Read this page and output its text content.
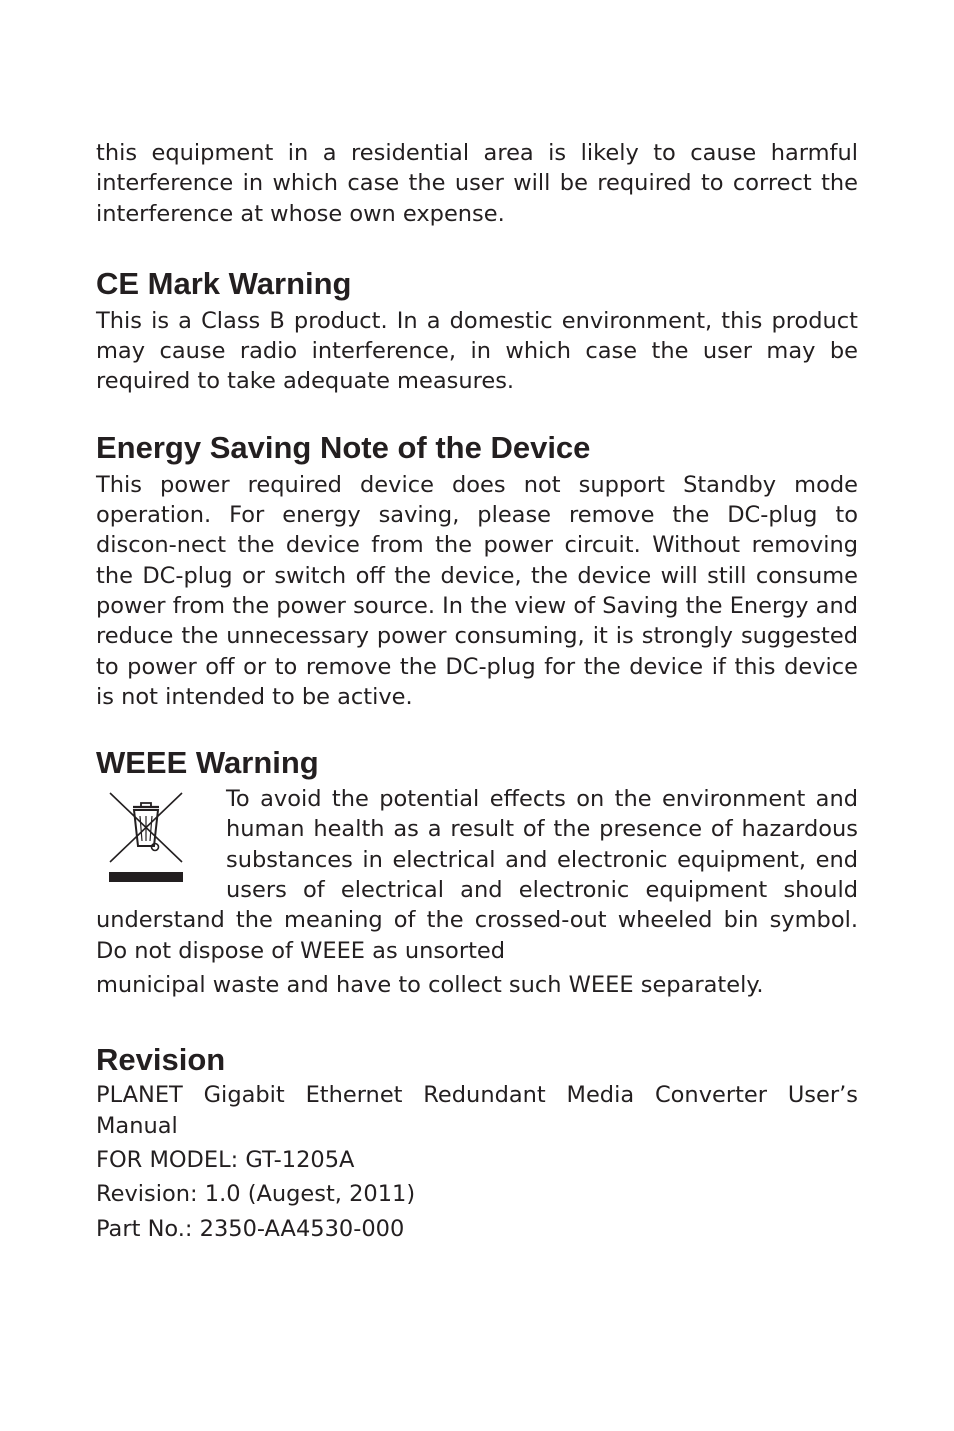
this equipment in a residential area is likely to cause harmful interference in which case the user will be required to correct the interference at whose own expense.

CE Mark Warning

This is a Class B product. In a domestic environment, this product may cause radio interference, in which case the user may be required to take adequate measures.

Energy Saving Note of the Device

This power required device does not support Standby mode operation. For energy saving, please remove the DC-plug to discon-nect the device from the power circuit. Without removing the DC-plug or switch off the device, the device will still consume power from the power source. In the view of Saving the Energy and reduce the unnecessary power consuming, it is strongly suggested to power off or to remove the DC-plug for the device if this device is not intended to be active.

WEEE Warning

To avoid the potential effects on the environment and human health as a result of the presence of hazardous substances in electrical and electronic equipment, end users of electrical and electronic equipment should understand the meaning of the crossed-out wheeled bin symbol. Do not dispose of WEEE as unsorted

municipal waste and have to collect such WEEE separately.

Revision

PLANET Gigabit Ethernet Redundant Media Converter User’s Manual

FOR MODEL: GT-1205A

Revision: 1.0 (Augest, 2011)

Part No.: 2350-AA4530-000
